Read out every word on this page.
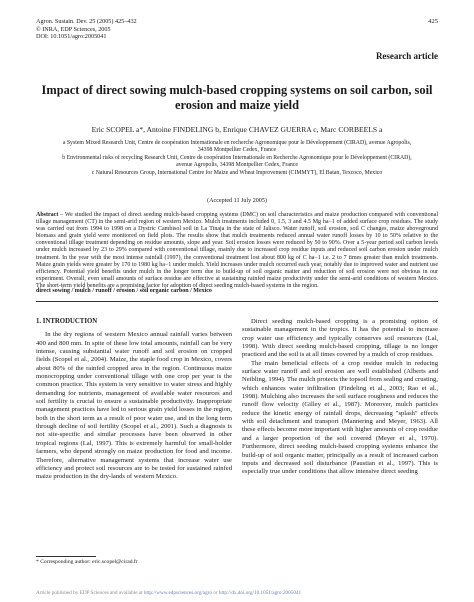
Agron. Sustain. Dev. 25 (2005) 425–432
© INRA, EDP Sciences, 2005
DOI: 10.1051/agro:2005041
425
Research article
Impact of direct sowing mulch-based cropping systems on soil carbon, soil erosion and maize yield
Eric SCOPEL a*, Antoine FINDELING b, Enrique CHAVEZ GUERRA c, Marc CORBEELS a
a System Mixed Research Unit, Centre de coopération Internationale en recherche Agronomique pour le Développement (CIRAD), avenue Agropolis, 34398 Montpellier Cedex, France
b Environmental risks of recycling Research Unit, Centre de coopération Internationale en Recherche Agronomique pour le Développement (CIRAD), avenue Agropolis, 34398 Montpellier Cedex, France
c Natural Resources Group, International Centre for Maize and Wheat Improvement (CIMMYT), El Batan, Texcoco, Mexico
(Accepted 11 July 2005)
Abstract – We studied the impact of direct seeding mulch-based cropping systems (DMC) on soil characteristics and maize production compared with conventional tillage management (CT) in the semi-arid region of western Mexico. Mulch treatments included 0, 1.5, 3 and 4.5 Mg ha−1 of added surface crop residues. The study was carried out from 1994 to 1998 on a Dystric Cambisol soil in La Tinaja in the state of Jalisco. Water runoff, soil erosion, soil C changes, maize aboveground biomass and grain yield were monitored on field plots. The results show that mulch treatments reduced annual water runoff losses by 10 to 50% relative to the conventional tillage treatment depending on residue amounts, slope and year. Soil erosion losses were reduced by 50 to 90%. Over a 5-year period soil carbon levels under mulch increased by 23 to 29% compared with conventional tillage, mainly due to increased crop residue inputs and reduced soil carbon erosion under mulch treatment. In the year with the most intense rainfall (1997), the conventional treatment lost about 800 kg of C ha−1 i.e. 2 to 7 times greater than mulch treatments. Maize grain yields were greater by 170 to 1980 kg ha−1 under mulch. Yield increases under mulch occurred each year, notably due to improved water and nutrient use efficiency. Potential yield benefits under mulch in the longer term due to build-up of soil organic matter and reduction of soil erosion were not obvious in our experiment. Overall, even small amounts of surface residue are effective at sustaining rainfed maize productivity under the semi-arid conditions of western Mexico. The short-term yield benefits are a promising factor for adoption of direct seeding mulch-based systems in the region.
direct sowing / mulch / runoff / erosion / soil organic carbon / Mexico

1. INTRODUCTION

In the dry regions of western Mexico annual rainfall varies between 400 and 800 mm. In spite of these low total amounts, rainfall can be very intense, causing substantial water runoff and soil erosion on cropped fields (Scopel et al., 2004). Maize, the staple food crop in Mexico, covers about 80% of the rainfed cropped area in the region. Continuous maize monocropping under conventional tillage with one crop per year is the common practice. This system is very sensitive to water stress and highly demanding for nutrients, management of available water resources and soil fertility is crucial to ensure a sustainable productivity. Inappropriate management practices have led to serious grain yield losses in the region, both in the short term as a result of poor water use, and in the long term through decline of soil fertility (Scopel et al., 2001). Such a diagnosis is not site-specific and similar processes have been observed in other tropical regions (Lal, 1997). This is extremely harmful for small-holder farmers, who depend strongly on maize production for food and income. Therefore, alternative management systems that increase water use efficiency and protect soil resources are to be tested for sustained rainfed maize production in the dry-lands of western Mexico.

Direct seeding mulch-based cropping is a promising option of sustainable management in the tropics. It has the potential to increase crop water use efficiency and typically conserves soil resources (Lal, 1998). With direct seeding mulch-based cropping, tillage is no longer practiced and the soil is at all times covered by a mulch of crop residues.

The main beneficial effects of a crop residue mulch in reducing surface water runoff and soil erosion are well established (Alberts and Neibling, 1994). The mulch protects the topsoil from sealing and crusting, which enhances water infiltration (Findeling et al., 2003; Rao et al., 1998). Mulching also increases the soil surface roughness and reduces the runoff flow velocity (Gilley et al., 1987). Moreover, mulch particles reduce the kinetic energy of rainfall drops, decreasing "splash" effects with soil detachment and transport (Mannering and Meyer, 1963). All these effects become more important with higher amounts of crop residue and a larger proportion of the soil covered (Meyer et al., 1970). Furthermore, direct seeding mulch-based cropping systems enhance the build-up of soil organic matter, principally as a result of increased carbon inputs and decreased soil disturbance (Paustian et al., 1997). This is especially true under conditions that allow intensive direct seeding

* Corresponding author: eric.scopel@cirad.fr
Article published by EDP Sciences and available at http://www.edpsciences.org/agro or http://dx.doi.org/10.1051/agro:2005041
